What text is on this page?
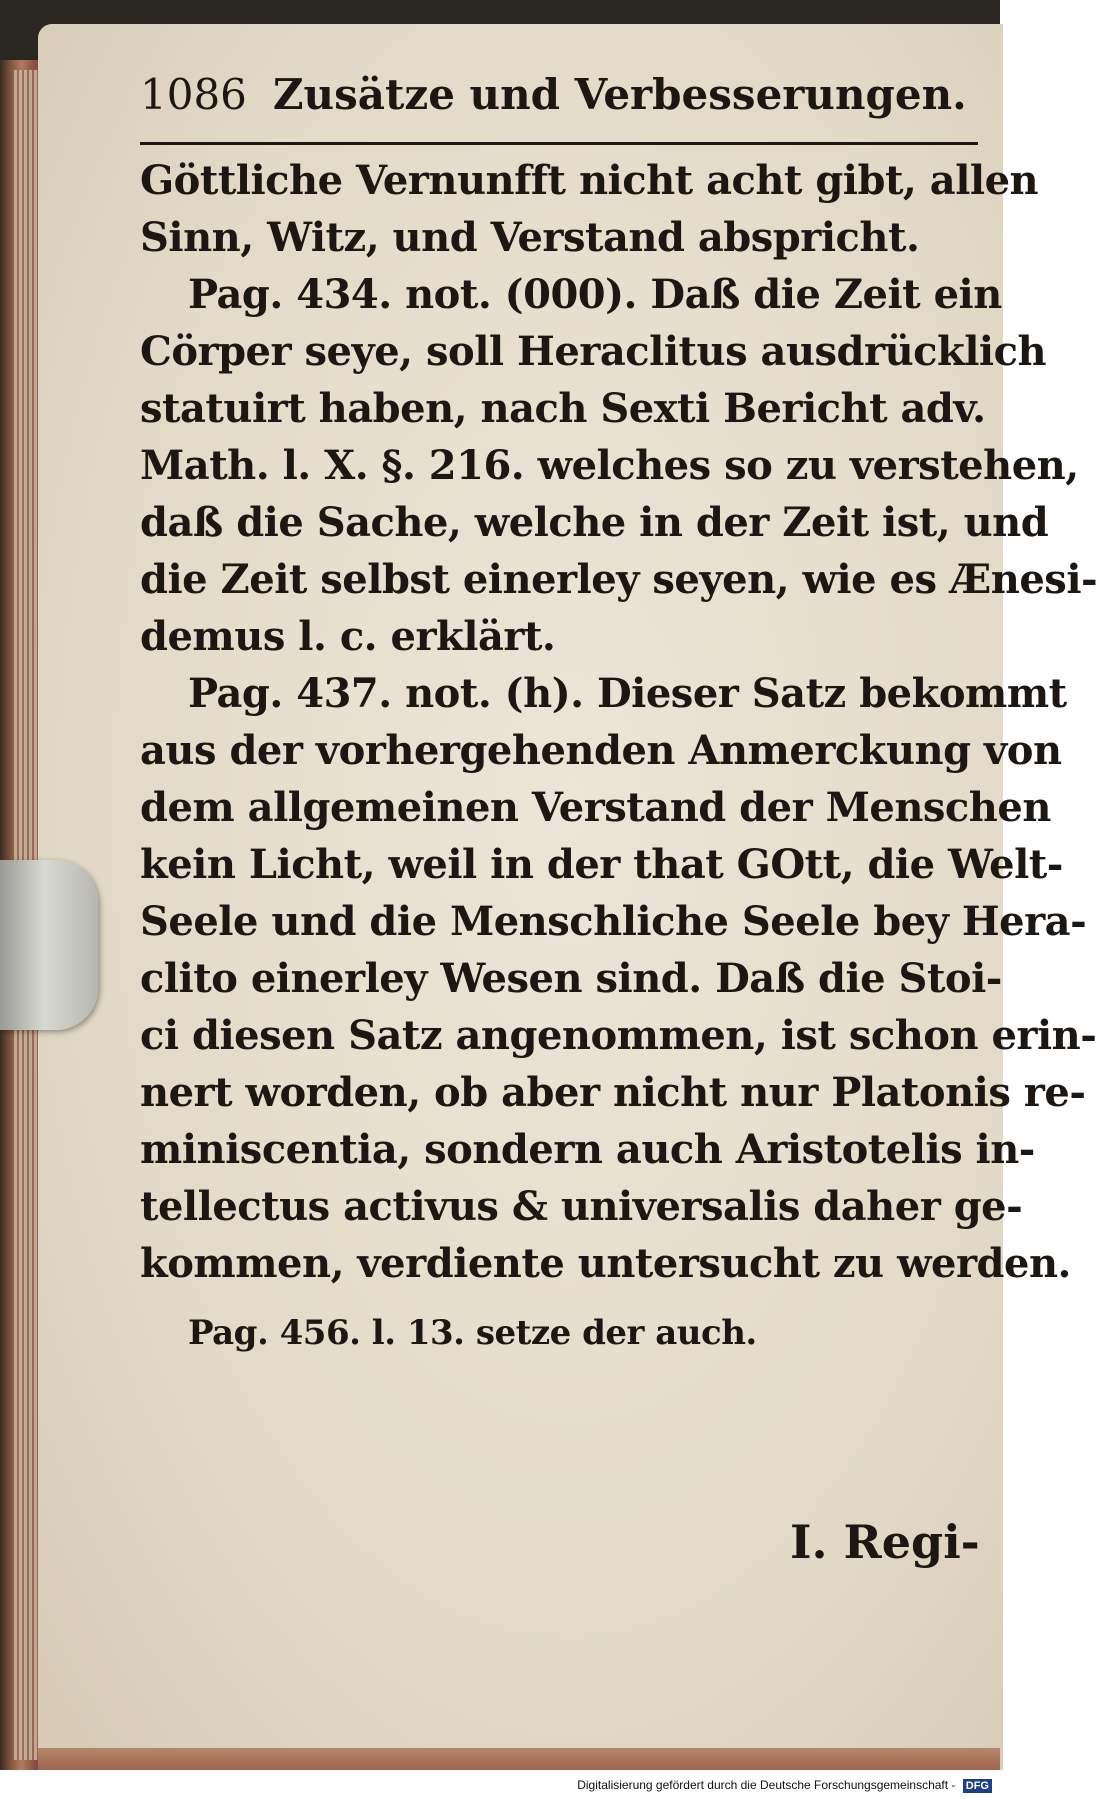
1086 Zusätze und Verbesserungen.
Göttliche Vernunfft nicht acht gibt, allen
Sinn, Witz, und Verstand abspricht.
Pag. 434. not. (000). Daß die Zeit ein
Cörper seye, soll Heraclitus ausdrücklich
statuirt haben, nach Sexti Bericht adv.
Math. l. X. §. 216. welches so zu verstehen,
daß die Sache, welche in der Zeit ist, und
die Zeit selbst einerley seyen, wie es Ænesi-
demus l. c. erklärt.
Pag. 437. not. (h). Dieser Satz bekommt
aus der vorhergehenden Anmerckung von
dem allgemeinen Verstand der Menschen
kein Licht, weil in der that GOtt, die Welt-
Seele und die Menschliche Seele bey Hera-
clito einerley Wesen sind. Daß die Stoi-
ci diesen Satz angenommen, ist schon erin-
nert worden, ob aber nicht nur Platonis re-
miniscentia, sondern auch Aristotelis in-
tellectus activus & universalis daher ge-
kommen, verdiente untersucht zu werden.
Pag. 456. l. 13. setze der auch.
I. Regi-
Digitalisierung gefördert durch die Deutsche Forschungsgemeinschaft - DFG
